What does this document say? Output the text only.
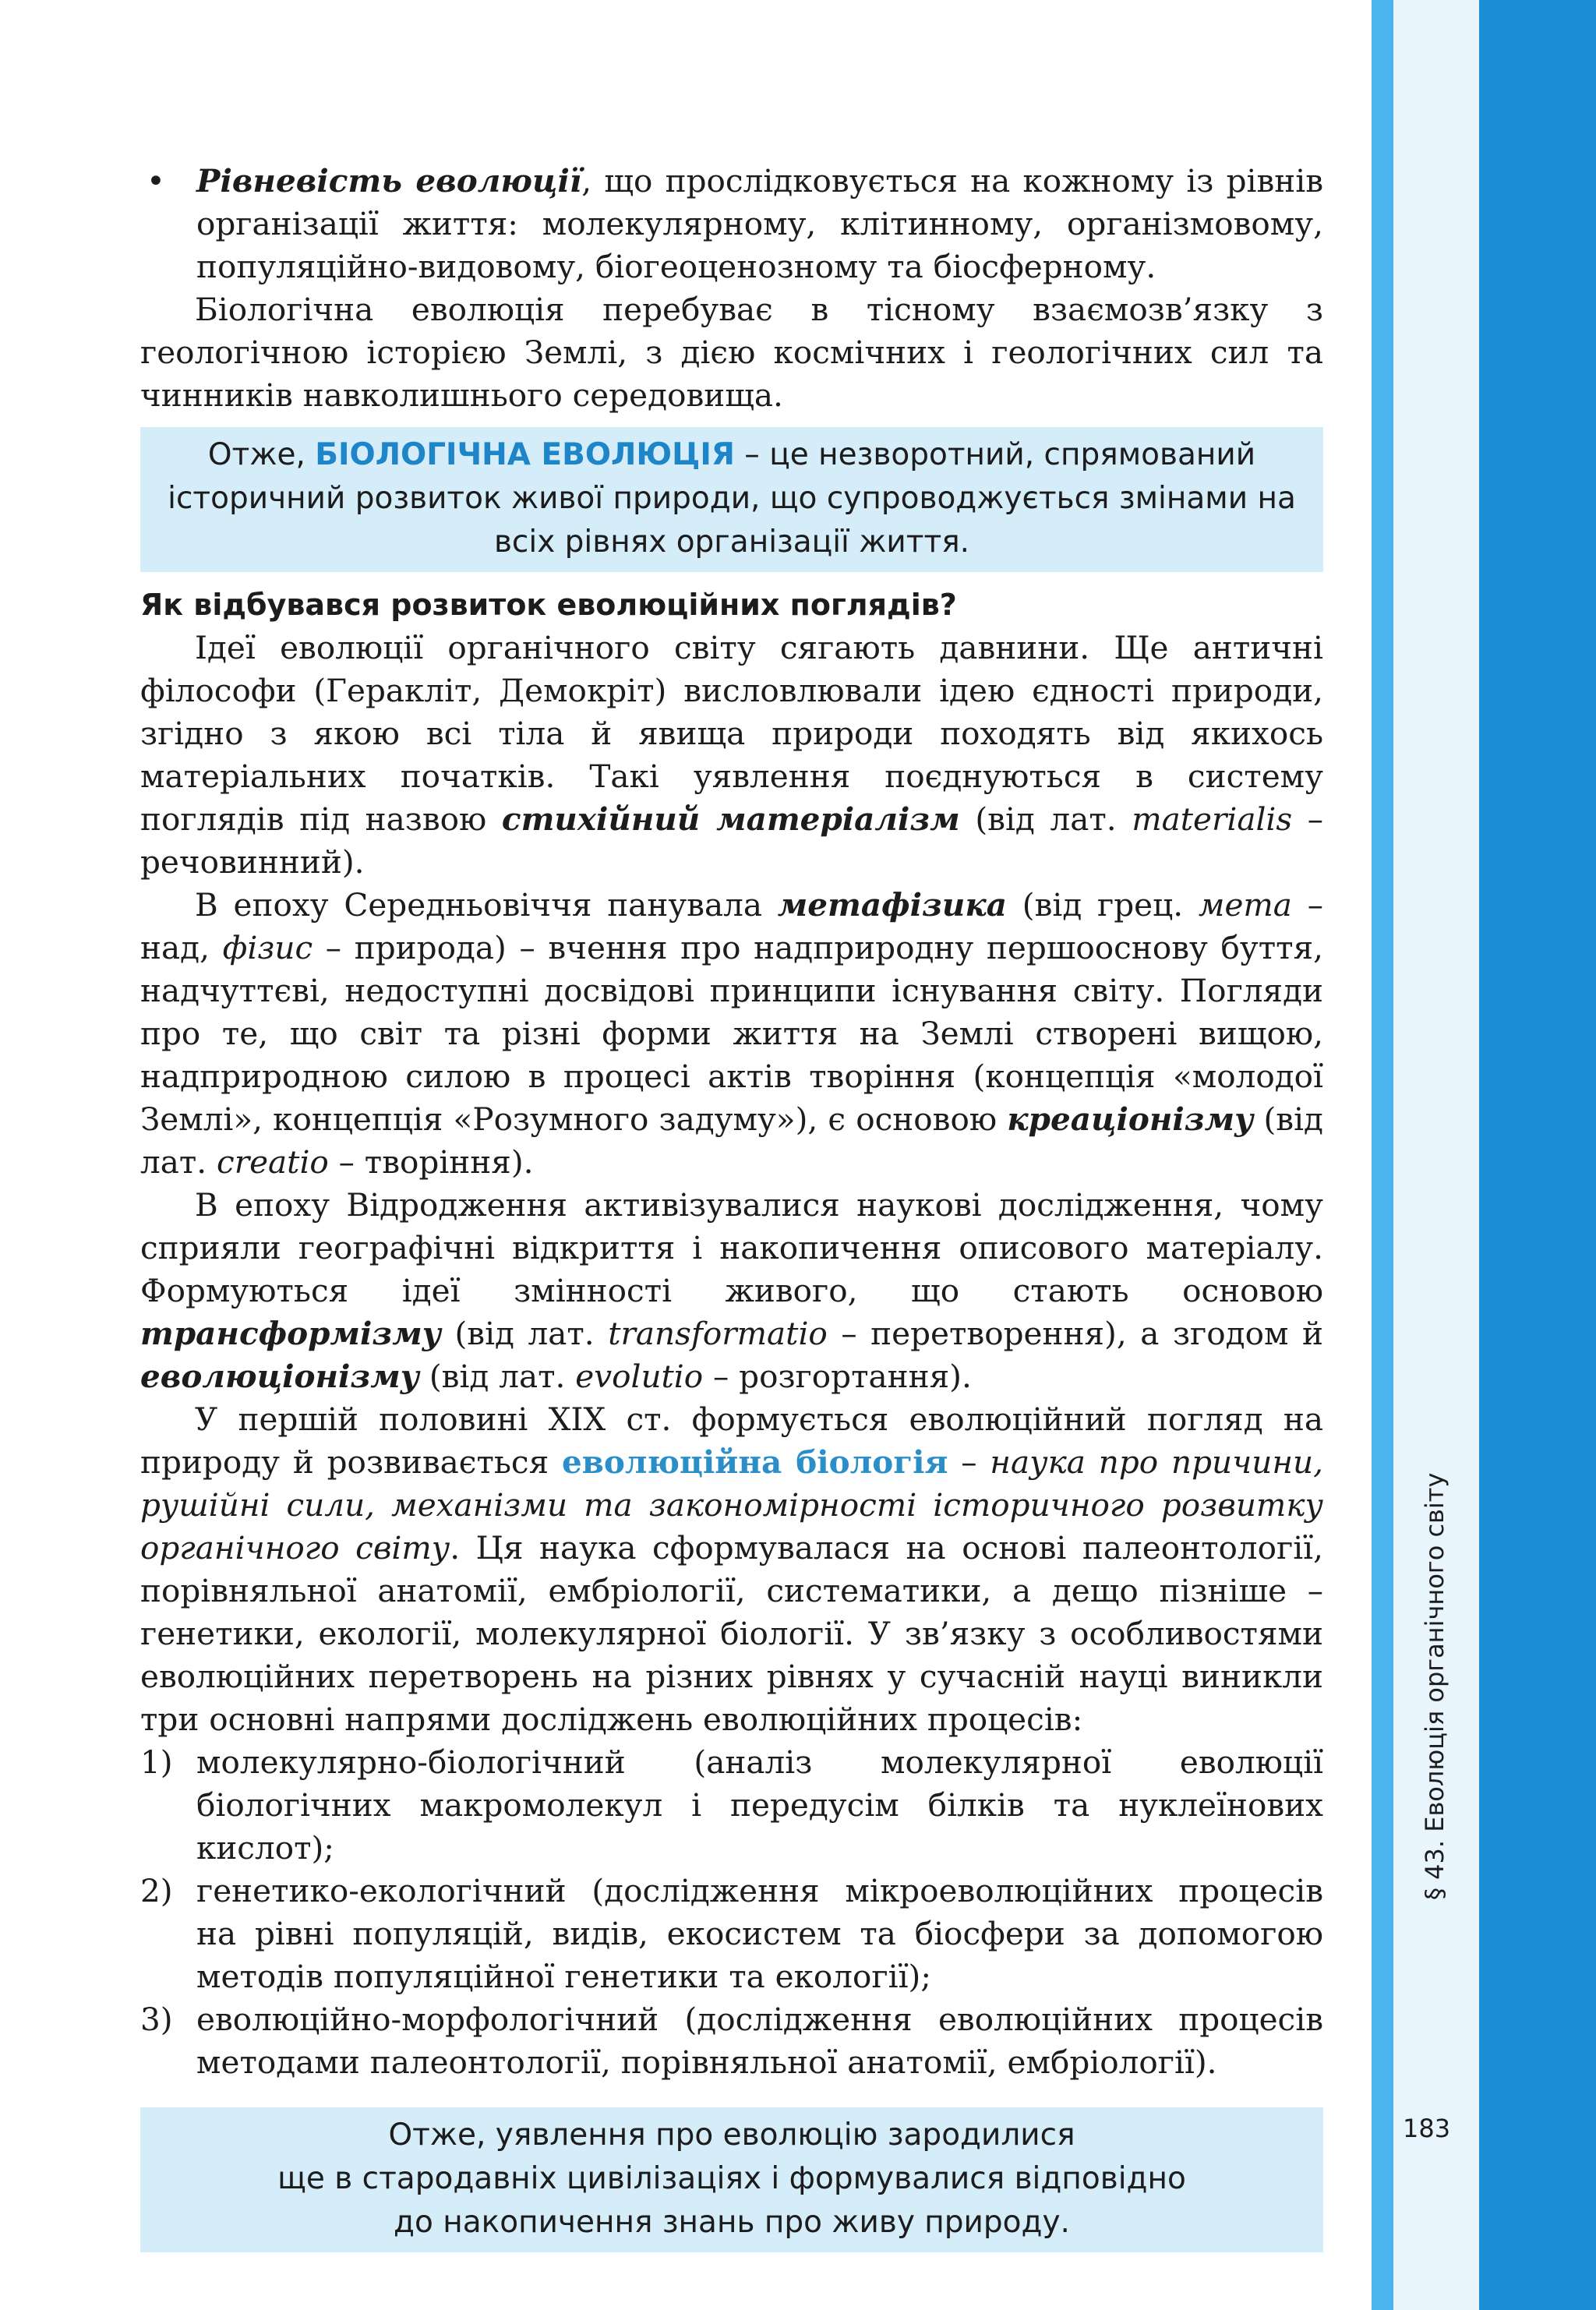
• Рівневість еволюції, що прослідковується на кожному із рівнів організації життя: молекулярному, клітинному, організмовому, популяційно-видовому, біогеоценозному та біосферному.

Біологічна еволюція перебуває в тісному взаємозв’язку з геологічною історією Землі, з дією космічних і геологічних сил та чинників навколишнього середовища.

Отже, БІОЛОГІЧНА ЕВОЛЮЦІЯ – це незворотний, спрямований історичний розвиток живої природи, що супроводжується змінами на всіх рівнях організації життя.
Як відбувався розвиток еволюційних поглядів?

Ідеї еволюції органічного світу сягають давнини. Ще античні філософи (Геракліт, Демокріт) висловлювали ідею єдності природи, згідно з якою всі тіла й явища природи походять від якихось матеріальних початків. Такі уявлення поєднуються в систему поглядів під назвою стихійний матеріалізм (від лат. materialis – речовинний).

В епоху Середньовіччя панувала метафізика (від грец. мета – над, фізис – природа) – вчення про надприродну першооснову буття, надчуттєві, недоступні досвідові принципи існування світу. Погляди про те, що світ та різні форми життя на Землі створені вищою, надприродною силою в процесі актів творіння (концепція «молодої Землі», концепція «Розумного задуму»), є основою креаціонізму (від лат. creatio – творіння).

В епоху Відродження активізувалися наукові дослідження, чому сприяли географічні відкриття і накопичення описового матеріалу. Формуються ідеї змінності живого, що стають основою трансформізму (від лат. transformatio – перетворення), а згодом й еволюціонізму (від лат. evolutio – розгортання).

У першій половині XIX ст. формується еволюційний погляд на природу й розвивається еволюційна біологія – наука про причини, рушійні сили, механізми та закономірності історичного розвитку органічного світу. Ця наука сформувалася на основі палеонтології, порівняльної анатомії, ембріології, систематики, а дещо пізніше – генетики, екології, молекулярної біології. У зв’язку з особливостями еволюційних перетворень на різних рівнях у сучасній науці виникли три основні напрями досліджень еволюційних процесів:

1) молекулярно-біологічний (аналіз молекулярної еволюції біологічних макромолекул і передусім білків та нуклеїнових кислот);
2) генетико-екологічний (дослідження мікроеволюційних процесів на рівні популяцій, видів, екосистем та біосфери за допомогою методів популяційної генетики та екології);
3) еволюційно-морфологічний (дослідження еволюційних процесів методами палеонтології, порівняльної анатомії, ембріології).
Отже, уявлення про еволюцію зародилися
ще в стародавніх цивілізаціях і формувалися відповідно
до накопичення знань про живу природу.
§ 43. Еволюція органічного світу
183
